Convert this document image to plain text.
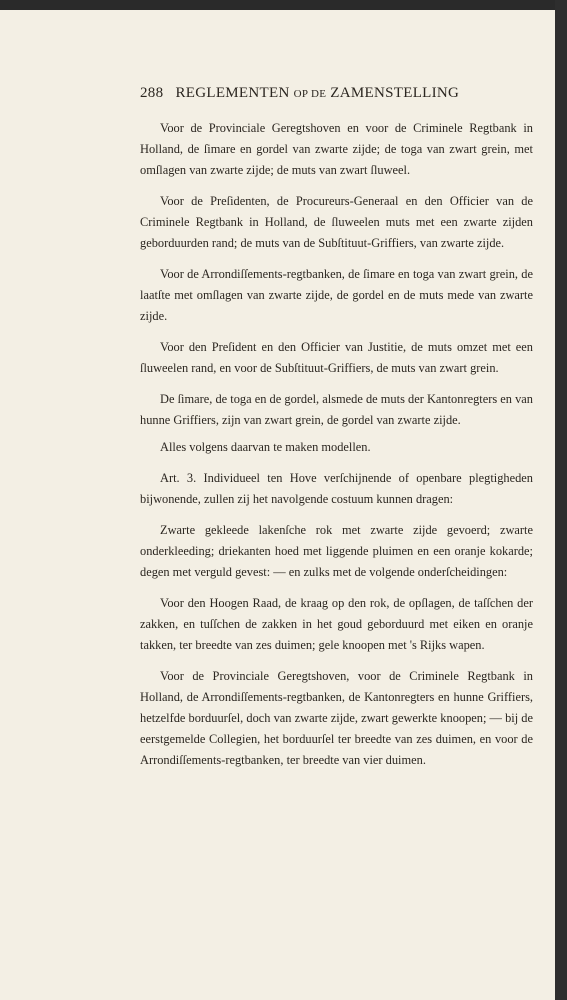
288 REGLEMENTEN OP DE ZAMENSTELLING

Voor de Provinciale Geregtshoven en voor de Criminele Regtbank in Holland, de ſimare en gordel van zwarte zijde; de toga van zwart grein, met omſlagen van zwarte zijde; de muts van zwart ſluweel.

Voor de Preſidenten, de Procureurs-Generaal en den Officier van de Criminele Regtbank in Holland, de ſluweelen muts met een zwarte zijden geborduurden rand; de muts van de Subſtituut-Griffiers, van zwarte zijde.

Voor de Arrondiſſements-regtbanken, de ſimare en toga van zwart grein, de laatſte met omſlagen van zwarte zijde, de gordel en de muts mede van zwarte zijde.

Voor den Preſident en den Officier van Justitie, de muts omzet met een ſluweelen rand, en voor de Subſtituut-Griffiers, de muts van zwart grein.

De ſimare, de toga en de gordel, alsmede de muts der Kantonregters en van hunne Griffiers, zijn van zwart grein, de gordel van zwarte zijde.

Alles volgens daarvan te maken modellen.

Art. 3. Individueel ten Hove verſchijnende of openbare plegtigheden bijwonende, zullen zij het navolgende costuum kunnen dragen:

Zwarte gekleede lakenſche rok met zwarte zijde gevoerd; zwarte onderkleeding; driekanten hoed met liggende pluimen en een oranje kokarde; degen met verguld gevest: — en zulks met de volgende onderſcheidingen:

Voor den Hoogen Raad, de kraag op den rok, de opſlagen, de taſſchen der zakken, en tuſſchen de zakken in het goud geborduurd met eiken en oranje takken, ter breedte van zes duimen; gele knoopen met 's Rijks wapen.

Voor de Provinciale Geregtshoven, voor de Criminele Regtbank in Holland, de Arrondiſſements-regtbanken, de Kantonregters en hunne Griffiers, hetzelfde borduurſel, doch van zwarte zijde, zwart gewerkte knoopen; — bij de eerstgemelde Collegien, het borduurſel ter breedte van zes duimen, en voor de Arrondiſſements-regtbanken, ter breedte van vier duimen.
